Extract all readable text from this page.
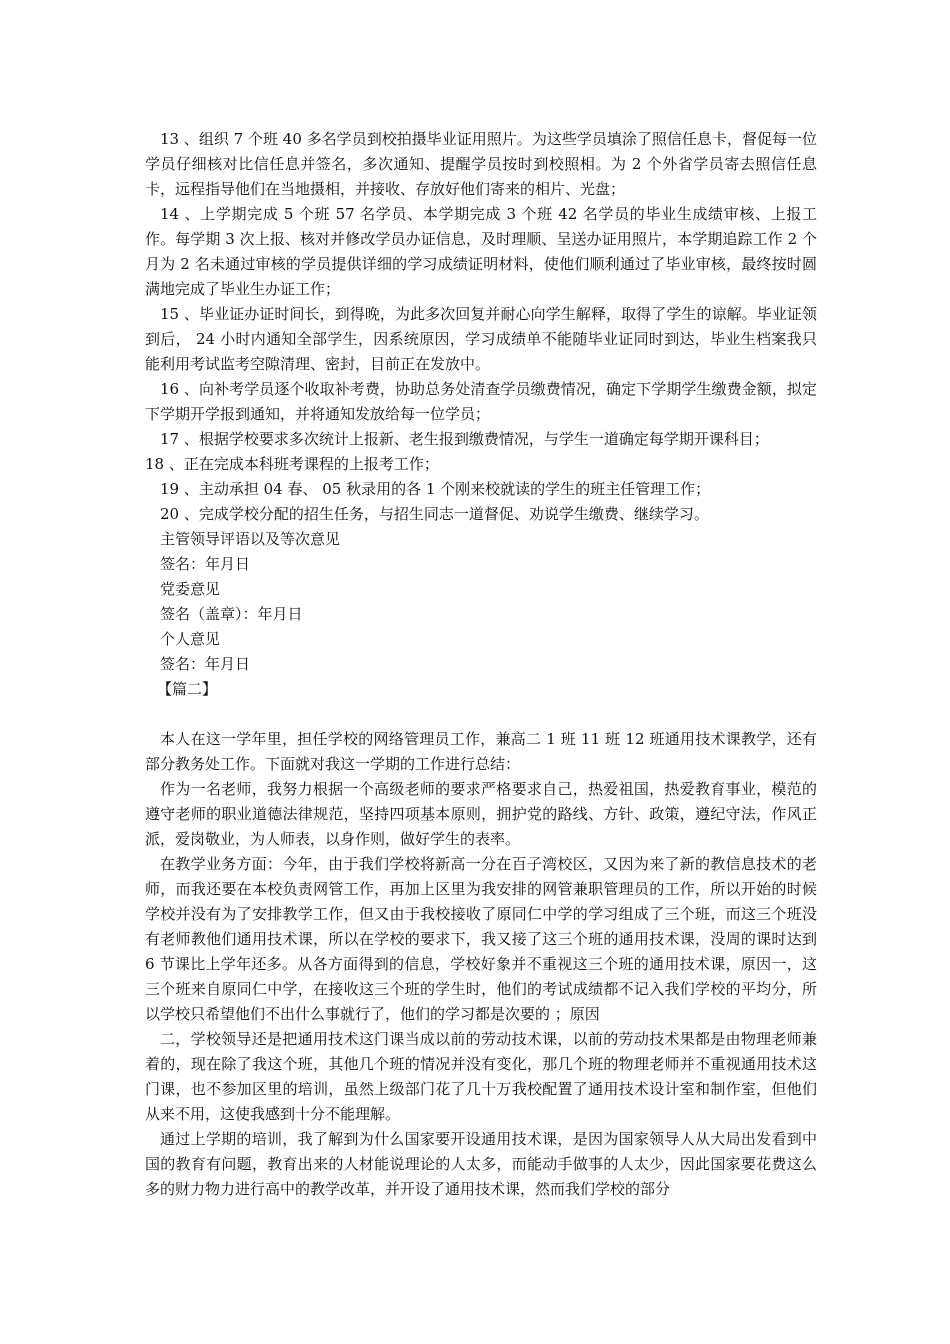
13 、组织 7 个班 40 多名学员到校拍摄毕业证用照片。为这些学员填涂了照信任息卡，督促每一位学员仔细核对比信任息并签名，多次通知、提醒学员按时到校照相。为 2 个外省学员寄去照信任息卡，远程指导他们在当地摄相，并接收、存放好他们寄来的相片、光盘；

14 、上学期完成 5 个班 57 名学员、本学期完成 3 个班 42 名学员的毕业生成绩审核、上报工作。每学期 3 次上报、核对并修改学员办证信息，及时理顺、呈送办证用照片，本学期追踪工作 2 个月为 2 名未通过审核的学员提供详细的学习成绩证明材料，使他们顺利通过了毕业审核，最终按时圆满地完成了毕业生办证工作；

15 、毕业证办证时间长，到得晚，为此多次回复并耐心向学生解释，取得了学生的谅解。毕业证领到后， 24 小时内通知全部学生，因系统原因，学习成绩单不能随毕业证同时到达，毕业生档案我只能利用考试监考空隙清理、密封，目前正在发放中。

16 、向补考学员逐个收取补考费，协助总务处清查学员缴费情况，确定下学期学生缴费金额，拟定下学期开学报到通知，并将通知发放给每一位学员；

17 、根据学校要求多次统计上报新、老生报到缴费情况，与学生一道确定每学期开课科目；

18 、正在完成本科班考课程的上报考工作；

19 、主动承担 04 春、 05 秋录用的各 1 个刚来校就读的学生的班主任管理工作；

20 、完成学校分配的招生任务，与招生同志一道督促、劝说学生缴费、继续学习。

主管领导评语以及等次意见

签名：年月日

党委意见

签名（盖章）：年月日

个人意见

签名：年月日

【篇二】

本人在这一学年里，担任学校的网络管理员工作，兼高二 1 班 11 班 12 班通用技术课教学，还有部分教务处工作。下面就对我这一学期的工作进行总结：

作为一名老师，我努力根据一个高级老师的要求严格要求自己，热爱祖国，热爱教育事业，模范的遵守老师的职业道德法律规范，坚持四项基本原则，拥护党的路线、方针、政策，遵纪守法，作风正派，爱岗敬业，为人师表，以身作则，做好学生的表率。

在教学业务方面：今年，由于我们学校将新高一分在百子湾校区，又因为来了新的教信息技术的老师，而我还要在本校负责网管工作，再加上区里为我安排的网管兼职管理员的工作，所以开始的时候学校并没有为了安排教学工作，但又由于我校接收了原同仁中学的学习组成了三个班，而这三个班没有老师教他们通用技术课，所以在学校的要求下，我又接了这三个班的通用技术课，没周的课时达到 6 节课比上学年还多。从各方面得到的信息，学校好象并不重视这三个班的通用技术课，原因一，这三个班来自原同仁中学，在接收这三个班的学生时，他们的考试成绩都不记入我们学校的平均分，所以学校只希望他们不出什么事就行了，他们的学习都是次要的 ；原因

二，学校领导还是把通用技术这门课当成以前的劳动技术课，以前的劳动技术果都是由物理老师兼着的，现在除了我这个班，其他几个班的情况并没有变化，那几个班的物理老师并不重视通用技术这门课，也不参加区里的培训，虽然上级部门花了几十万我校配置了通用技术设计室和制作室，但他们从来不用，这使我感到十分不能理解。

通过上学期的培训，我了解到为什么国家要开设通用技术课，是因为国家领导人从大局出发看到中国的教育有问题，教育出来的人材能说理论的人太多，而能动手做事的人太少，因此国家要花费这么多的财力物力进行高中的教学改革，并开设了通用技术课，然而我们学校的部分
